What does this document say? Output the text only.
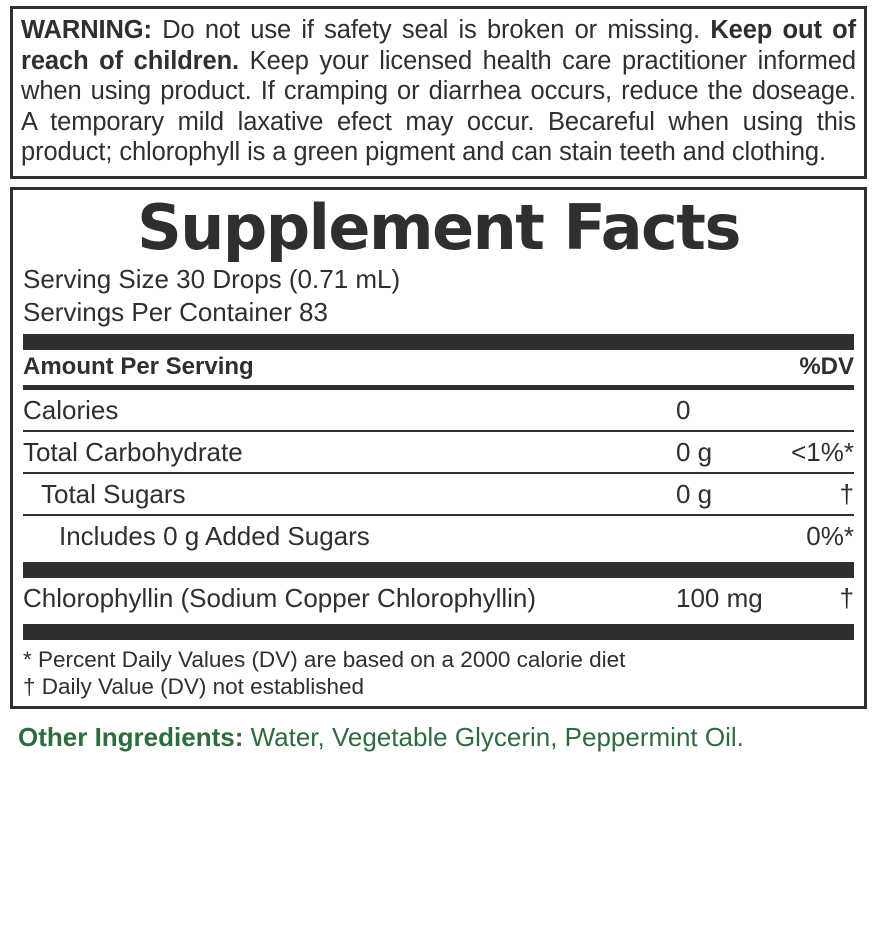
WARNING: Do not use if safety seal is broken or missing. Keep out of reach of children. Keep your licensed health care practitioner informed when using product. If cramping or diarrhea occurs, reduce the doseage. A temporary mild laxative efect may occur. Becareful when using this product; chlorophyll is a green pigment and can stain teeth and clothing.
Supplement Facts
Serving Size 30 Drops (0.71 mL)
Servings Per Container 83
Amount Per Serving	%DV
Calories	0
Total Carbohydrate	0 g	<1%*
Total Sugars	0 g	†
Includes 0 g Added Sugars	0%*
Chlorophyllin (Sodium Copper Chlorophyllin)	100 mg	†
* Percent Daily Values (DV) are based on a 2000 calorie diet
† Daily Value (DV) not established
Other Ingredients: Water, Vegetable Glycerin, Peppermint Oil.
